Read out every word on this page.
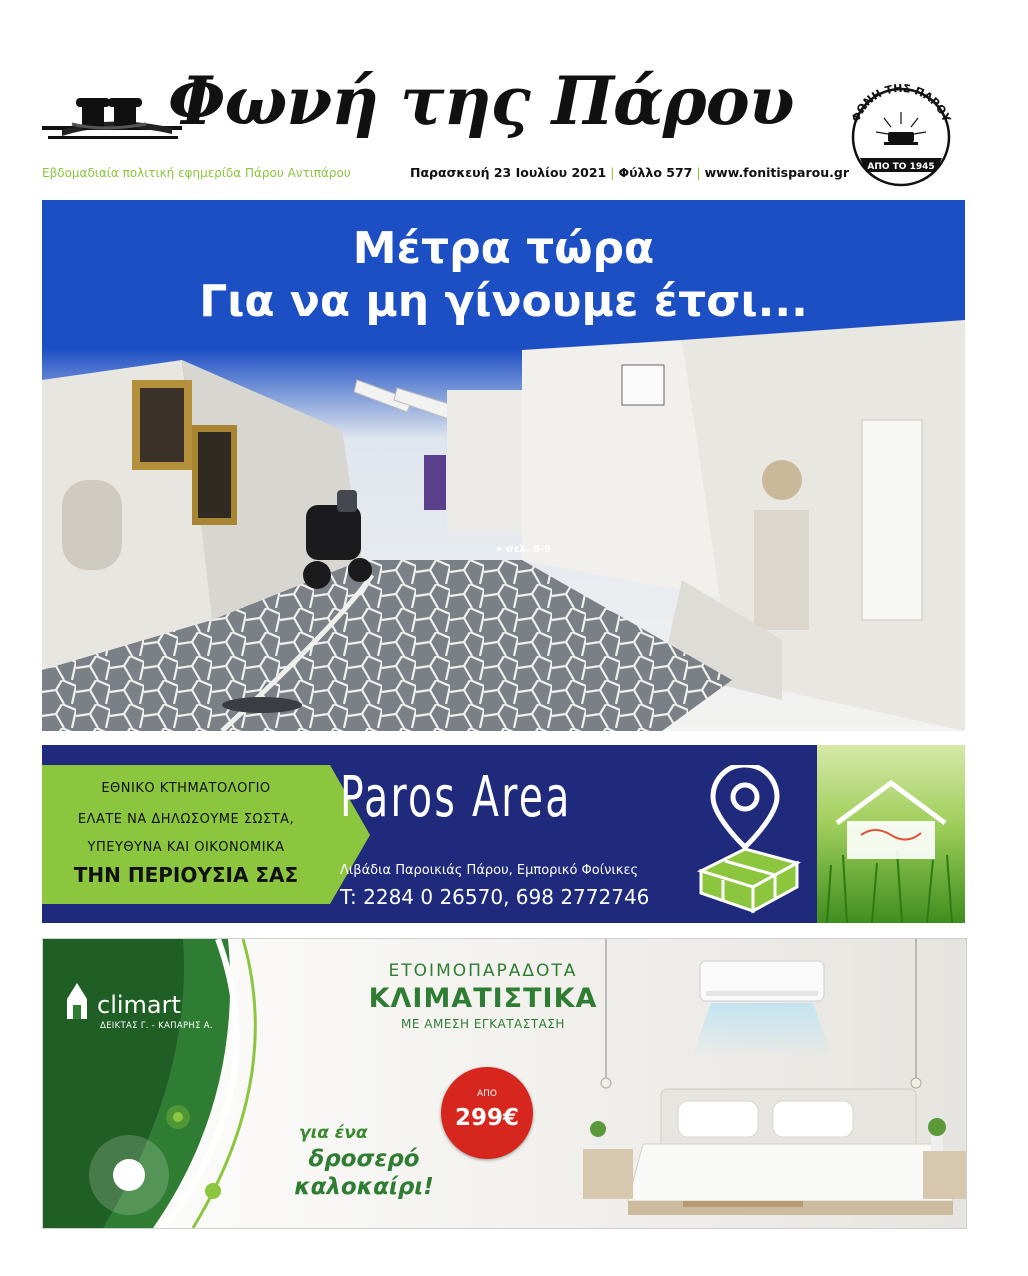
Φωνή της Πάρου	ΦΩΝΗ ΤΗΣ ΠΑΡΟΥ
ΑΠΟ ΤΟ 1945
Εβδομαδιαία πολιτική εφημερίδα Πάρου Αντιπάρου	Παρασκευή 23 Ιουλίου 2021 | Φύλλο 577 | www.fonitisparou.gr
Μέτρα τώρα
Για να μη γίνουμε έτσι...
» σελ. 8-9
ΕΘΝΙΚΟ ΚΤΗΜΑΤΟΛΟΓΙΟ
ΕΛΑΤΕ ΝΑ ΔΗΛΩΣΟΥΜΕ ΣΩΣΤΑ,
ΥΠΕΥΘΥΝΑ ΚΑΙ ΟΙΚΟΝΟΜΙΚΑ
ΤΗΝ ΠΕΡΙΟΥΣΙΑ ΣΑΣ
Paros Area
Λιβάδια Παροικιάς Πάρου, Εμπορικό Φοίνικες
T: 2284 0 26570, 698 2772746
climart
ΔΕΙΚΤΑΣ Γ. - ΚΑΠΑΡΗΣ Α.
ΕΤΟΙΜΟΠΑΡΑΔΟΤΑ
ΚΛΙΜΑΤΙΣΤΙΚΑ
ΜΕ ΑΜΕΣΗ ΕΓΚΑΤΑΣΤΑΣΗ
ΑΠΟ
299€
για ένα
δροσερό
καλοκαίρι!
